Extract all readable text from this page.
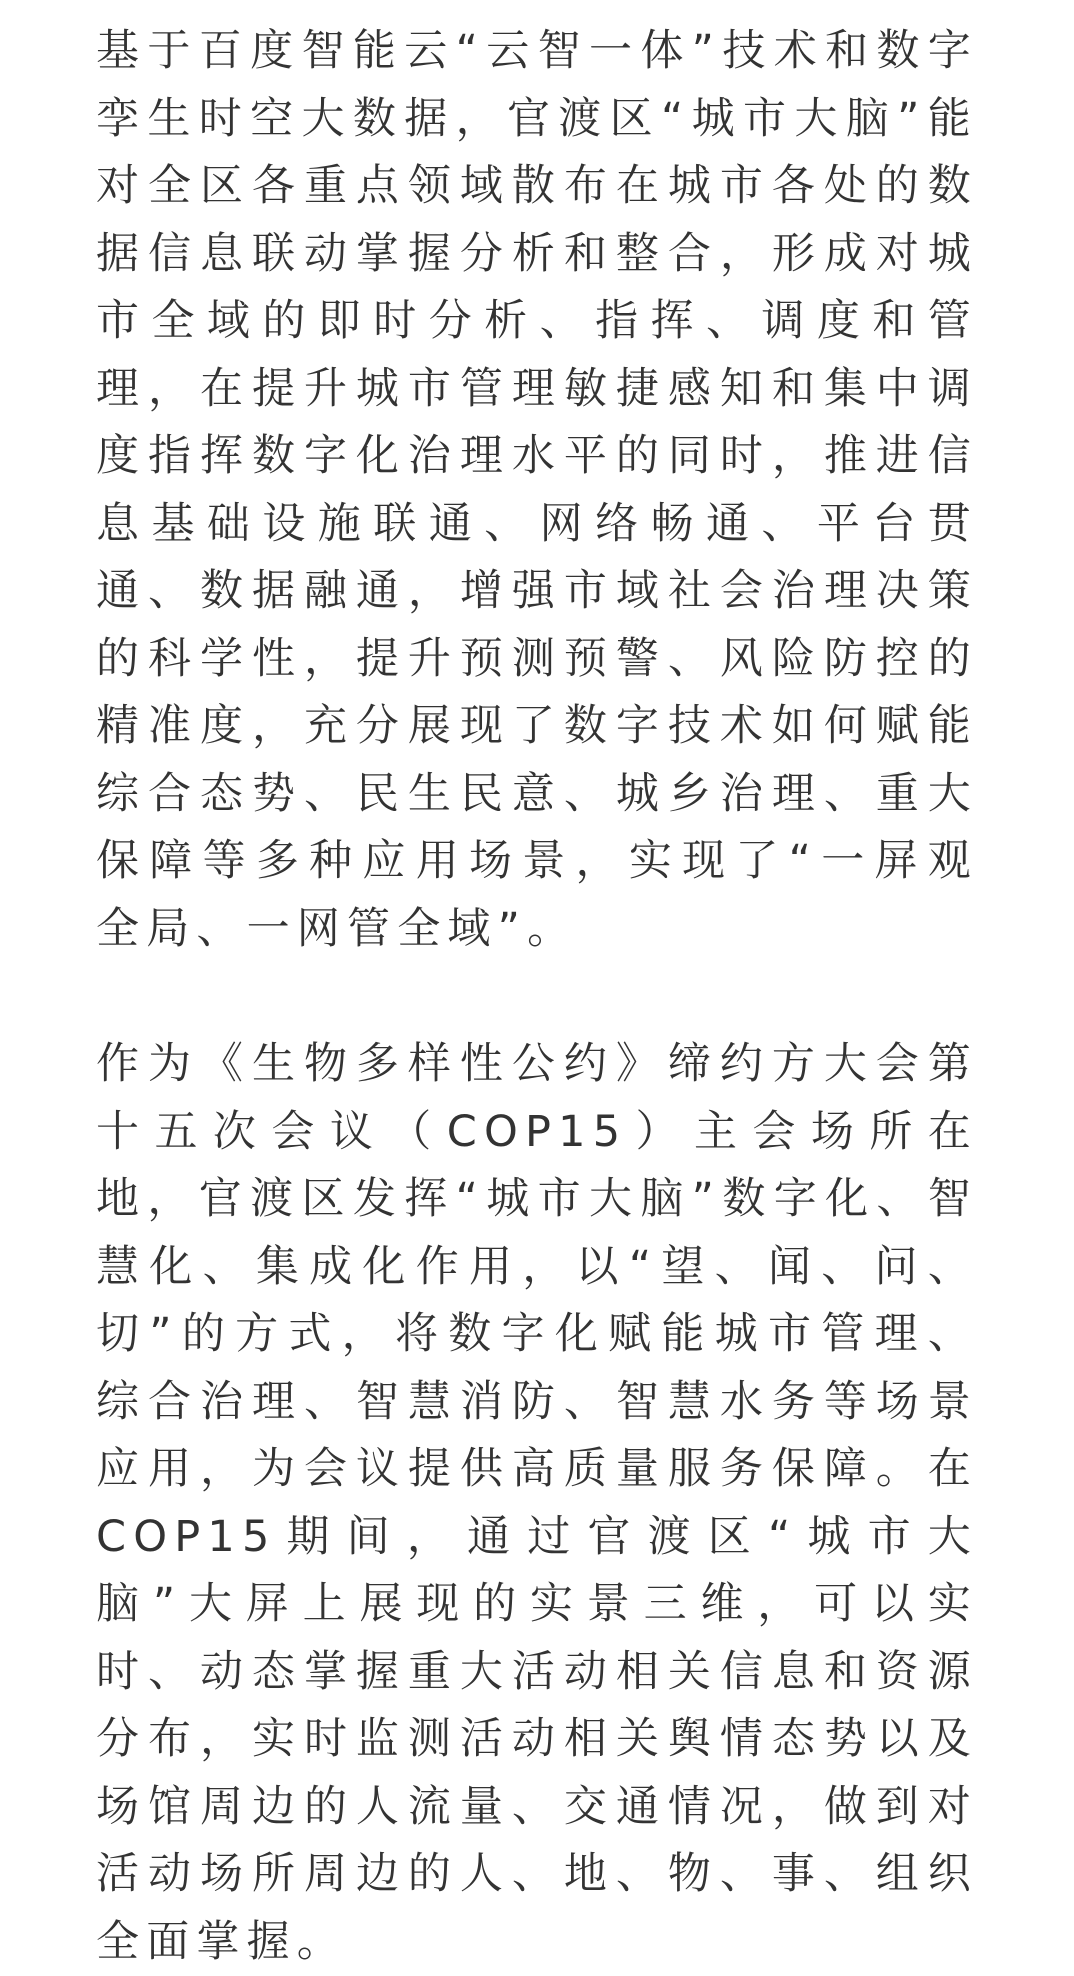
基于百度智能云“云智一体”技术和数字孪生时空大数据，官渡区“城市大脑”能对全区各重点领域散布在城市各处的数据信息联动掌握分析和整合，形成对城市全域的即时分析、指挥、调度和管理，在提升城市管理敏捷感知和集中调度指挥数字化治理水平的同时，推进信息基础设施联通、网络畅通、平台贯通、数据融通，增强市域社会治理决策的科学性，提升预测预警、风险防控的精准度，充分展现了数字技术如何赋能综合态势、民生民意、城乡治理、重大保障等多种应用场景，实现了“一屏观全局、一网管全域”。

作为《生物多样性公约》缔约方大会第十五次会议（COP15）主会场所在地，官渡区发挥“城市大脑”数字化、智慧化、集成化作用，以“望、闻、问、切”的方式，将数字化赋能城市管理、综合治理、智慧消防、智慧水务等场景应用，为会议提供高质量服务保障。在COP15期间，通过官渡区“城市大脑”大屏上展现的实景三维，可以实时、动态掌握重大活动相关信息和资源分布，实时监测活动相关舆情态势以及场馆周边的人流量、交通情况，做到对活动场所周边的人、地、物、事、组织全面掌握。
